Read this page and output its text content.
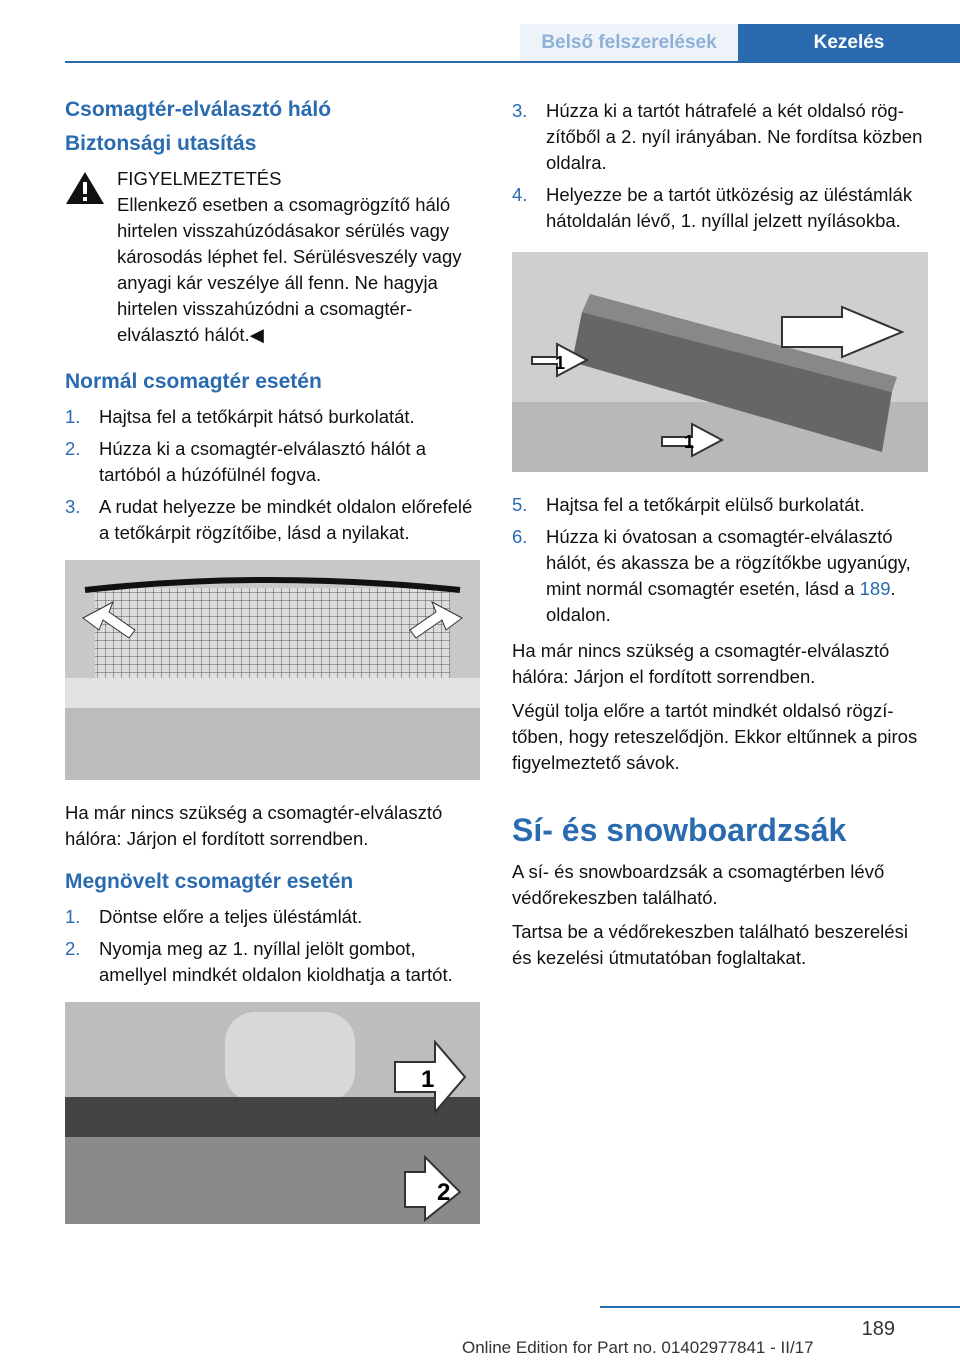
Belső felszerelések	Kezelés
Csomagtér-elválasztó háló
Biztonsági utasítás
FIGYELMEZTETÉS
Ellenkező esetben a csomagrögzítő háló hirtelen visszahúzódásakor sérülés vagy károsodás léphet fel. Sérülésveszély vagy anyagi kár veszélye áll fenn. Ne hagyja hirtelen visszahúzódni a csomagtér-elválasztó hálót.◀
Normál csomagtér esetén
1. Hajtsa fel a tetőkárpit hátsó burkolatát.
2. Húzza ki a csomagtér-elválasztó hálót a tartóból a húzófülnél fogva.
3. A rudat helyezze be mindkét oldalon előrefelé a tetőkárpit rögzítőibe, lásd a nyilakat.

Ha már nincs szükség a csomagtér-elválasztó hálóra: Járjon el fordított sorrendben.

Megnövelt csomagtér esetén
1. Döntse előre a teljes üléstámlát.
2. Nyomja meg az 1. nyíllal jelölt gombot, amellyel mindkét oldalon kioldhatja a tartót.
1
2
3. Húzza ki a tartót hátrafelé a két oldalsó rögzítőből a 2. nyíl irányában. Ne fordítsa közben oldalra.
4. Helyezze be a tartót ütközésig az üléstámlák hátoldalán lévő, 1. nyíllal jelzett nyílásokba.
1
1
5. Hajtsa fel a tetőkárpit elülső burkolatát.
6. Húzza ki óvatosan a csomagtér-elválasztó hálót, és akassza be a rögzítőkbe ugyanúgy, mint normál csomagtér esetén, lásd a 189. oldalon.

Ha már nincs szükség a csomagtér-elválasztó hálóra: Járjon el fordított sorrendben.

Végül tolja előre a tartót mindkét oldalsó rögzítőben, hogy reteszelődjön. Ekkor eltűnnek a piros figyelmeztető sávok.

Sí- és snowboardzsák

A sí- és snowboardzsák a csomagtérben lévő védőrekeszben található.

Tartsa be a védőrekeszben található beszerelési és kezelési útmutatóban foglaltakat.

189
Online Edition for Part no. 01402977841 - II/17
